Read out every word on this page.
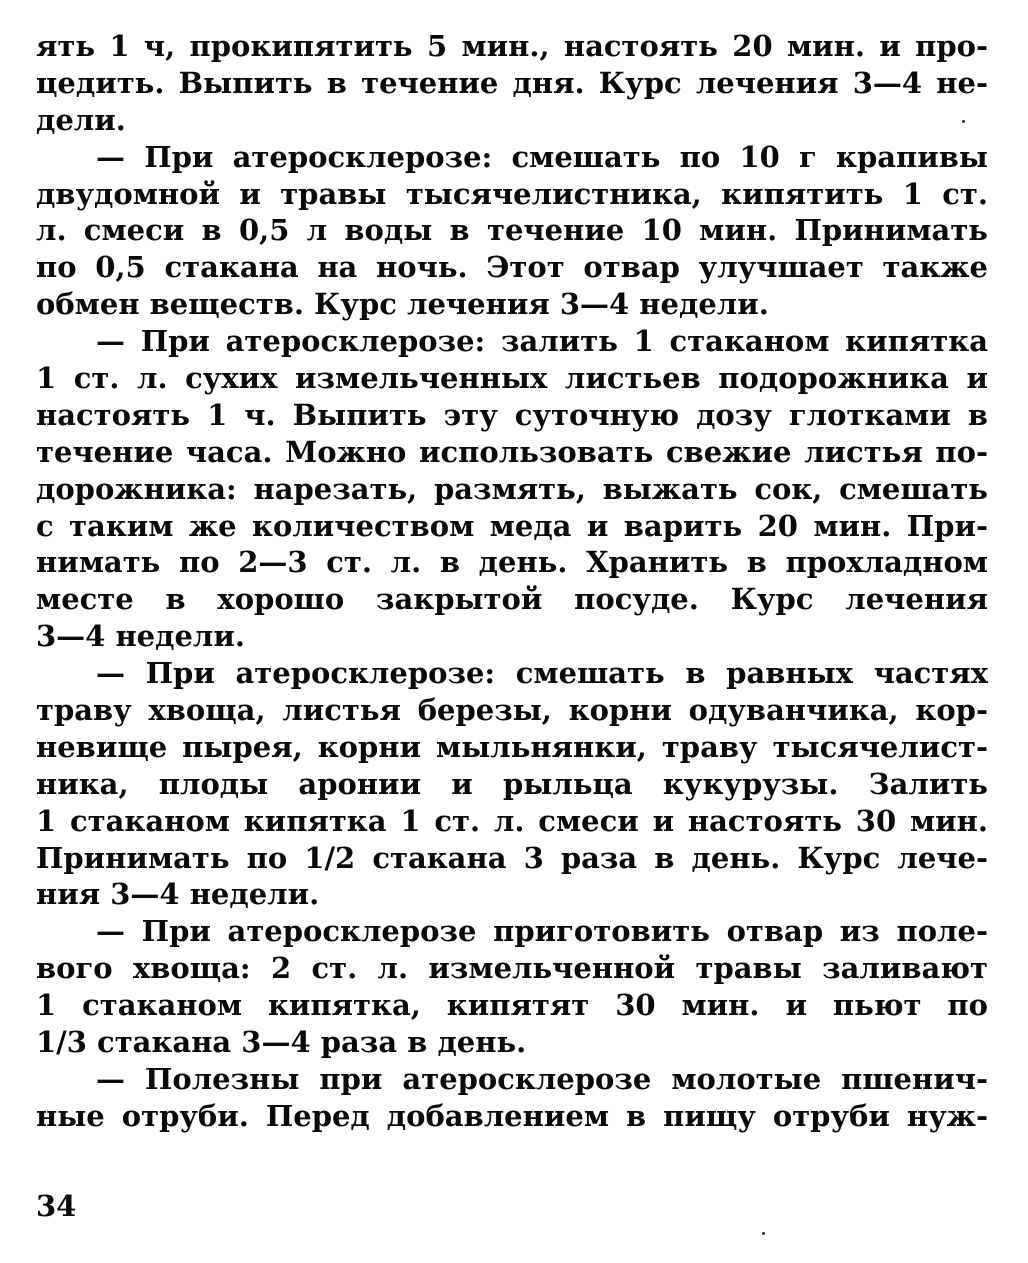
ять 1 ч, прокипятить 5 мин., настоять 20 мин. и про-
цедить. Выпить в течение дня. Курс лечения 3—4 не-
дели.
— При атеросклерозе: смешать по 10 г крапивы
двудомной и травы тысячелистника, кипятить 1 ст.
л. смеси в 0,5 л воды в течение 10 мин. Принимать
по 0,5 стакана на ночь. Этот отвар улучшает также
обмен веществ. Курс лечения 3—4 недели.
— При атеросклерозе: залить 1 стаканом кипятка
1 ст. л. сухих измельченных листьев подорожника и
настоять 1 ч. Выпить эту суточную дозу глотками в
течение часа. Можно использовать свежие листья по-
дорожника: нарезать, размять, выжать сок, смешать
с таким же количеством меда и варить 20 мин. При-
нимать по 2—3 ст. л. в день. Хранить в прохладном
месте в хорошо закрытой посуде. Курс лечения
3—4 недели.
— При атеросклерозе: смешать в равных частях
траву хвоща, листья березы, корни одуванчика, кор-
невище пырея, корни мыльнянки, траву тысячелист-
ника, плоды аронии и рыльца кукурузы. Залить
1 стаканом кипятка 1 ст. л. смеси и настоять 30 мин.
Принимать по 1/2 стакана 3 раза в день. Курс лече-
ния 3—4 недели.
— При атеросклерозе приготовить отвар из поле-
вого хвоща: 2 ст. л. измельченной травы заливают
1 стаканом кипятка, кипятят 30 мин. и пьют по
1/3 стакана 3—4 раза в день.
— Полезны при атеросклерозе молотые пшенич-
ные отруби. Перед добавлением в пищу отруби нуж-
34
